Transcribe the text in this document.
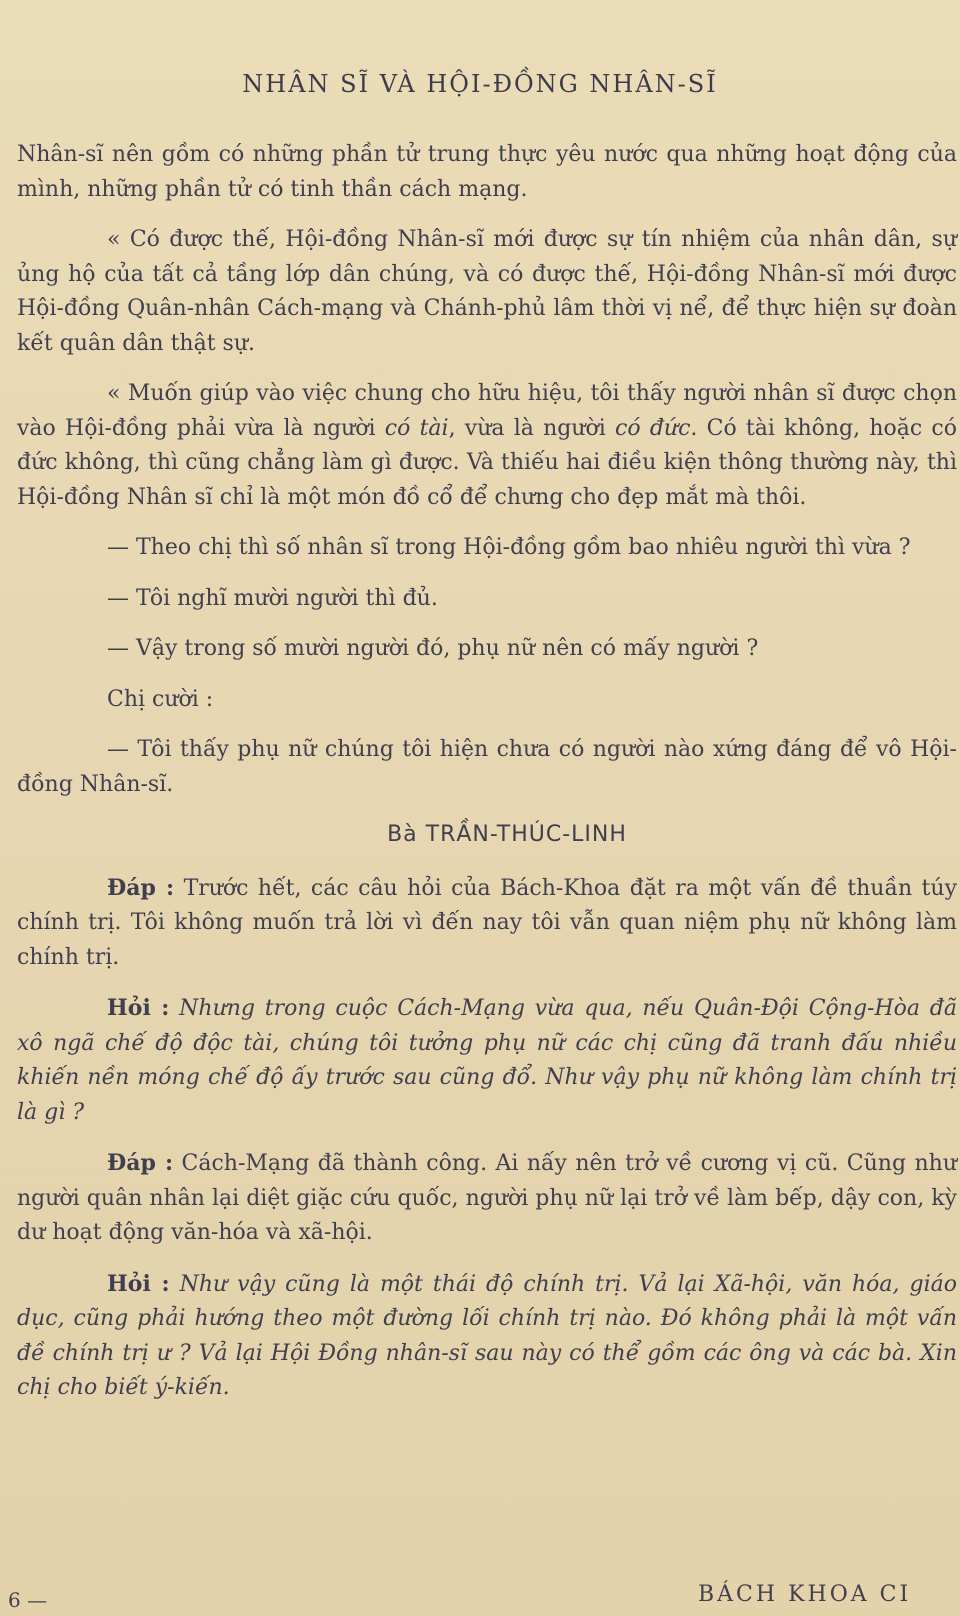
NHÂN SĨ VÀ HỘI-ĐỒNG NHÂN-SĨ

Nhân-sĩ nên gồm có những phần tử trung thực yêu nước qua những hoạt động của mình, những phần tử có tinh thần cách mạng.

« Có được thế, Hội-đồng Nhân-sĩ mới được sự tín nhiệm của nhân dân, sự ủng hộ của tất cả tầng lớp dân chúng, và có được thế, Hội-đồng Nhân-sĩ mới được Hội-đồng Quân-nhân Cách-mạng và Chánh-phủ lâm thời vị nể, để thực hiện sự đoàn kết quân dân thật sự.

« Muốn giúp vào việc chung cho hữu hiệu, tôi thấy người nhân sĩ được chọn vào Hội-đồng phải vừa là người có tài, vừa là người có đức. Có tài không, hoặc có đức không, thì cũng chẳng làm gì được. Và thiếu hai điều kiện thông thường này, thì Hội-đồng Nhân sĩ chỉ là một món đồ cổ để chưng cho đẹp mắt mà thôi.

— Theo chị thì số nhân sĩ trong Hội-đồng gồm bao nhiêu người thì vừa ?

— Tôi nghĩ mười người thì đủ.

— Vậy trong số mười người đó, phụ nữ nên có mấy người ?

Chị cười :

— Tôi thấy phụ nữ chúng tôi hiện chưa có người nào xứng đáng để vô Hội-đồng Nhân-sĩ.

Bà TRẦN-THÚC-LINH

Đáp : Trước hết, các câu hỏi của Bách-Khoa đặt ra một vấn đề thuần túy chính trị. Tôi không muốn trả lời vì đến nay tôi vẫn quan niệm phụ nữ không làm chính trị.

Hỏi : Nhưng trong cuộc Cách-Mạng vừa qua, nếu Quân-Đội Cộng-Hòa đã xô ngã chế độ độc tài, chúng tôi tưởng phụ nữ các chị cũng đã tranh đấu nhiều khiến nền móng chế độ ấy trước sau cũng đổ. Như vậy phụ nữ không làm chính trị là gì ?

Đáp : Cách-Mạng đã thành công. Ai nấy nên trở về cương vị cũ. Cũng như người quân nhân lại diệt giặc cứu quốc, người phụ nữ lại trở về làm bếp, dậy con, kỳ dư hoạt động văn-hóa và xã-hội.

Hỏi : Như vậy cũng là một thái độ chính trị. Vả lại Xã-hội, văn hóa, giáo dục, cũng phải hướng theo một đường lối chính trị nào. Đó không phải là một vấn đề chính trị ư ? Vả lại Hội Đồng nhân-sĩ sau này có thể gồm các ông và các bà. Xin chị cho biết ý-kiến.

6 —	BÁCH KHOA CI
